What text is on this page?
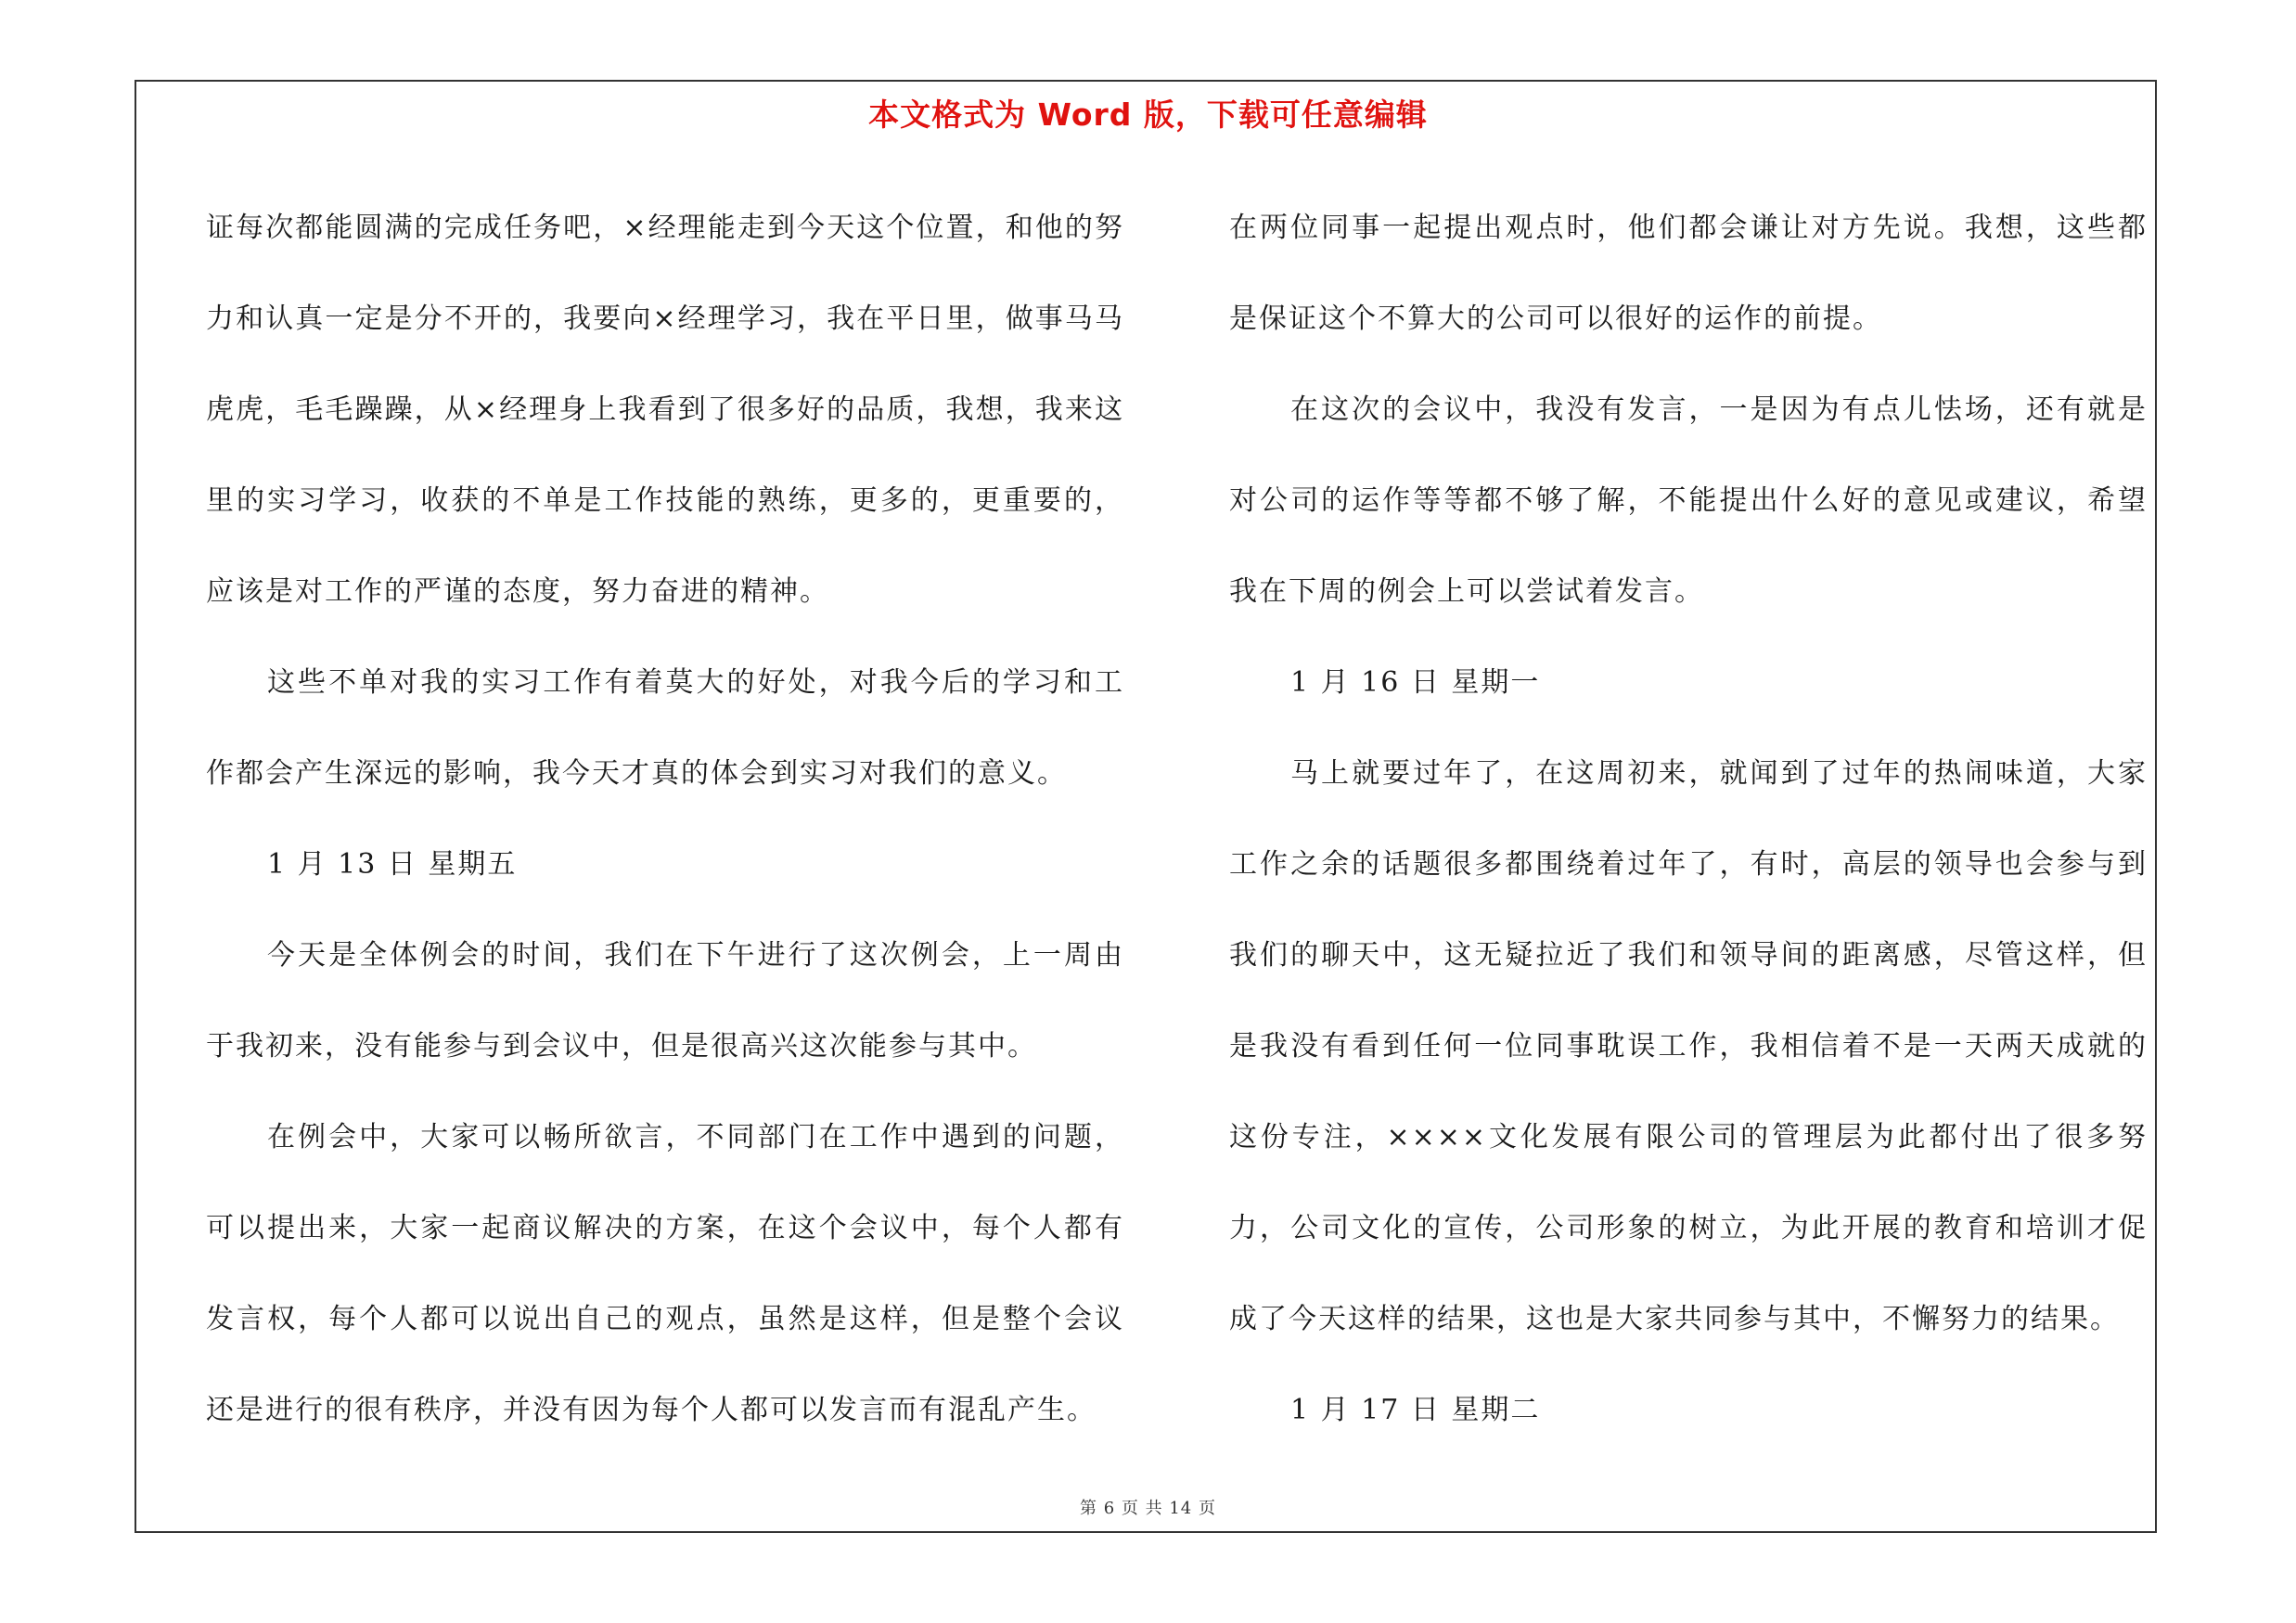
本文格式为 Word 版，下载可任意编辑

证每次都能圆满的完成任务吧，×经理能走到今天这个位置，和他的努力和认真一定是分不开的，我要向×经理学习，我在平日里，做事马马虎虎，毛毛躁躁，从×经理身上我看到了很多好的品质，我想，我来这里的实习学习，收获的不单是工作技能的熟练，更多的，更重要的，应该是对工作的严谨的态度，努力奋进的精神。

这些不单对我的实习工作有着莫大的好处，对我今后的学习和工作都会产生深远的影响，我今天才真的体会到实习对我们的意义。

1 月 13 日 星期五

今天是全体例会的时间，我们在下午进行了这次例会，上一周由于我初来，没有能参与到会议中，但是很高兴这次能参与其中。

在例会中，大家可以畅所欲言，不同部门在工作中遇到的问题，可以提出来，大家一起商议解决的方案，在这个会议中，每个人都有发言权，每个人都可以说出自己的观点，虽然是这样，但是整个会议还是进行的很有秩序，并没有因为每个人都可以发言而有混乱产生。

在两位同事一起提出观点时，他们都会谦让对方先说。我想，这些都是保证这个不算大的公司可以很好的运作的前提。

在这次的会议中，我没有发言，一是因为有点儿怯场，还有就是对公司的运作等等都不够了解，不能提出什么好的意见或建议，希望我在下周的例会上可以尝试着发言。

1 月 16 日 星期一

马上就要过年了，在这周初来，就闻到了过年的热闹味道，大家工作之余的话题很多都围绕着过年了，有时，高层的领导也会参与到我们的聊天中，这无疑拉近了我们和领导间的距离感，尽管这样，但是我没有看到任何一位同事耽误工作，我相信着不是一天两天成就的这份专注，××××文化发展有限公司的管理层为此都付出了很多努力，公司文化的宣传，公司形象的树立，为此开展的教育和培训才促成了今天这样的结果，这也是大家共同参与其中，不懈努力的结果。

1 月 17 日 星期二

第 6 页 共 14 页
